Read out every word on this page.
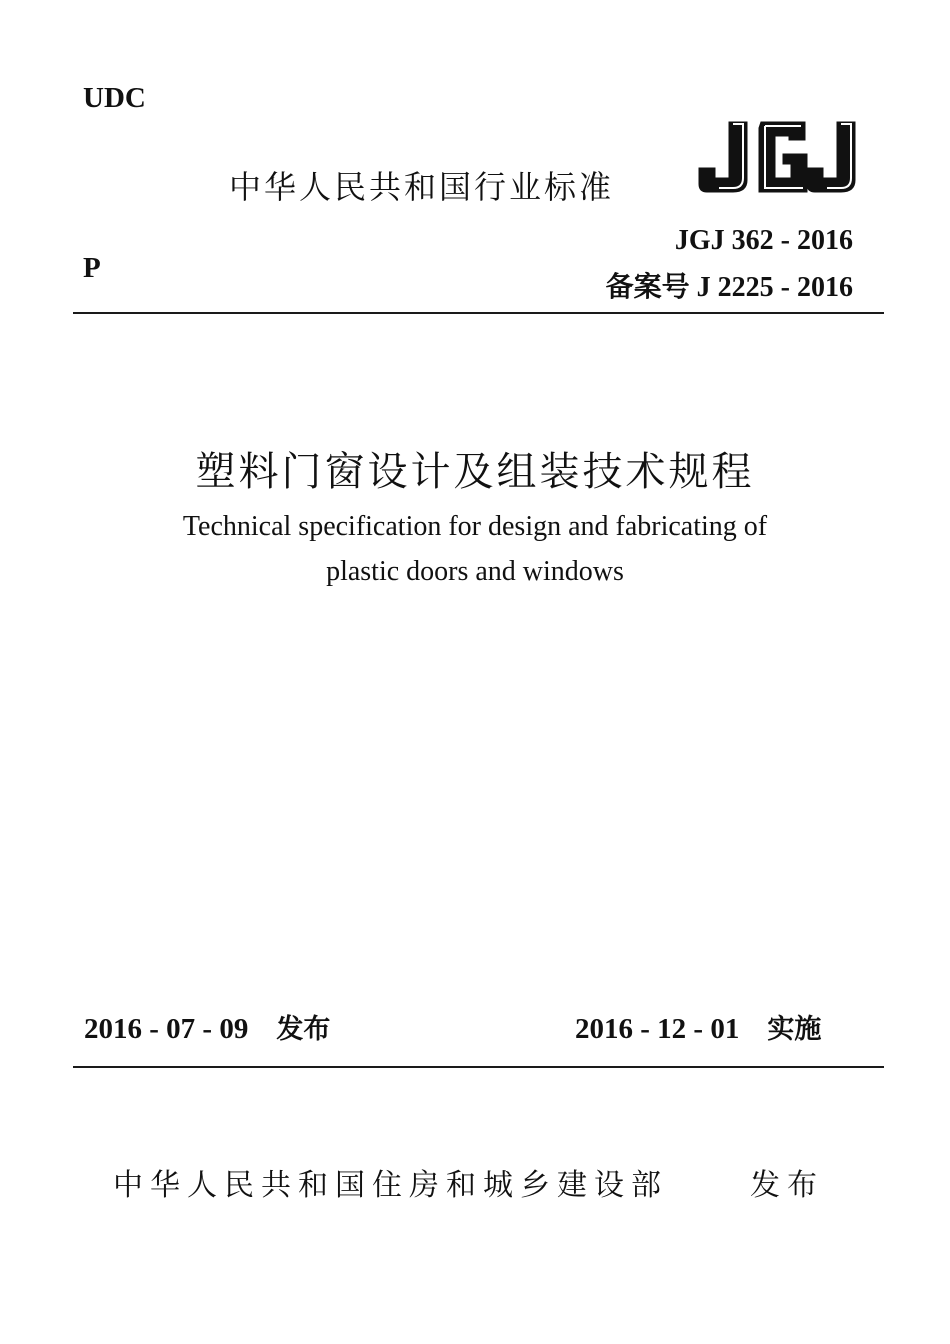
UDC
中华人民共和国行业标准
JGJ 362 - 2016
P
备案号 J 2225 - 2016
塑料门窗设计及组装技术规程
Technical specification for design and fabricating of
plastic doors and windows
2016 - 07 - 09 发布	2016 - 12 - 01 实施
中华人民共和国住房和城乡建设部	发布
